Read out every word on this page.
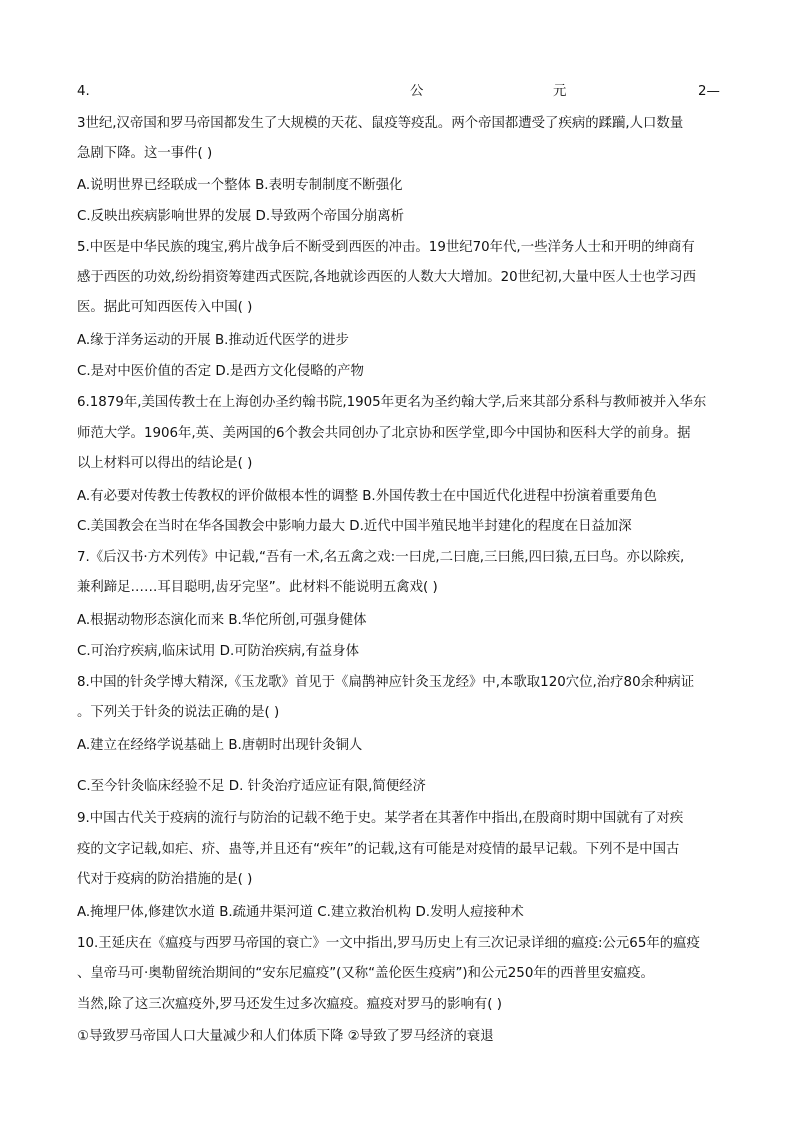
4.	公	元	2—
3世纪,汉帝国和罗马帝国都发生了大规模的天花、鼠疫等疫乱。两个帝国都遭受了疾病的蹂躏,人口数量
急剧下降。这一事件( )
A.说明世界已经联成一个整体 B.表明专制制度不断强化
C.反映出疾病影响世界的发展 D.导致两个帝国分崩离析
5.中医是中华民族的瑰宝,鸦片战争后不断受到西医的冲击。19世纪70年代,一些洋务人士和开明的绅商有
感于西医的功效,纷纷捐资筹建西式医院,各地就诊西医的人数大大增加。20世纪初,大量中医人士也学习西
医。据此可知西医传入中国( )
A.缘于洋务运动的开展 B.推动近代医学的进步
C.是对中医价值的否定 D.是西方文化侵略的产物
6.1879年,美国传教士在上海创办圣约翰书院,1905年更名为圣约翰大学,后来其部分系科与教师被并入华东
师范大学。1906年,英、美两国的6个教会共同创办了北京协和医学堂,即今中国协和医科大学的前身。据
以上材料可以得出的结论是( )
A.有必要对传教士传教权的评价做根本性的调整 B.外国传教士在中国近代化进程中扮演着重要角色
C.美国教会在当时在华各国教会中影响力最大 D.近代中国半殖民地半封建化的程度在日益加深
7.《后汉书·方术列传》中记载,“吾有一术,名五禽之戏:一曰虎,二曰鹿,三曰熊,四曰猿,五曰鸟。亦以除疾,
兼利蹄足……耳目聪明,齿牙完坚”。此材料不能说明五禽戏( )
A.根据动物形态演化而来 B.华佗所创,可强身健体
C.可治疗疾病,临床试用 D.可防治疾病,有益身体
8.中国的针灸学博大精深,《玉龙歌》首见于《扁鹊神应针灸玉龙经》中,本歌取120穴位,治疗80余种病证
。下列关于针灸的说法正确的是( )
A.建立在经络学说基础上 B.唐朝时出现针灸铜人
C.至今针灸临床经验不足 D. 针灸治疗适应证有限,简便经济
9.中国古代关于疫病的流行与防治的记载不绝于史。某学者在其著作中指出,在殷商时期中国就有了对疾
疫的文字记载,如疟、疥、蛊等,并且还有“疾年”的记载,这有可能是对疫情的最早记载。下列不是中国古
代对于疫病的防治措施的是( )
A.掩埋尸体,修建饮水道 B.疏通井渠河道 C.建立救治机构 D.发明人痘接种术
10.王延庆在《瘟疫与西罗马帝国的衰亡》一文中指出,罗马历史上有三次记录详细的瘟疫:公元65年的瘟疫
、皇帝马可·奥勒留统治期间的“安东尼瘟疫”(又称“盖伦医生疫病”)和公元250年的西普里安瘟疫。
当然,除了这三次瘟疫外,罗马还发生过多次瘟疫。瘟疫对罗马的影响有( )
①导致罗马帝国人口大量减少和人们体质下降 ②导致了罗马经济的衰退
